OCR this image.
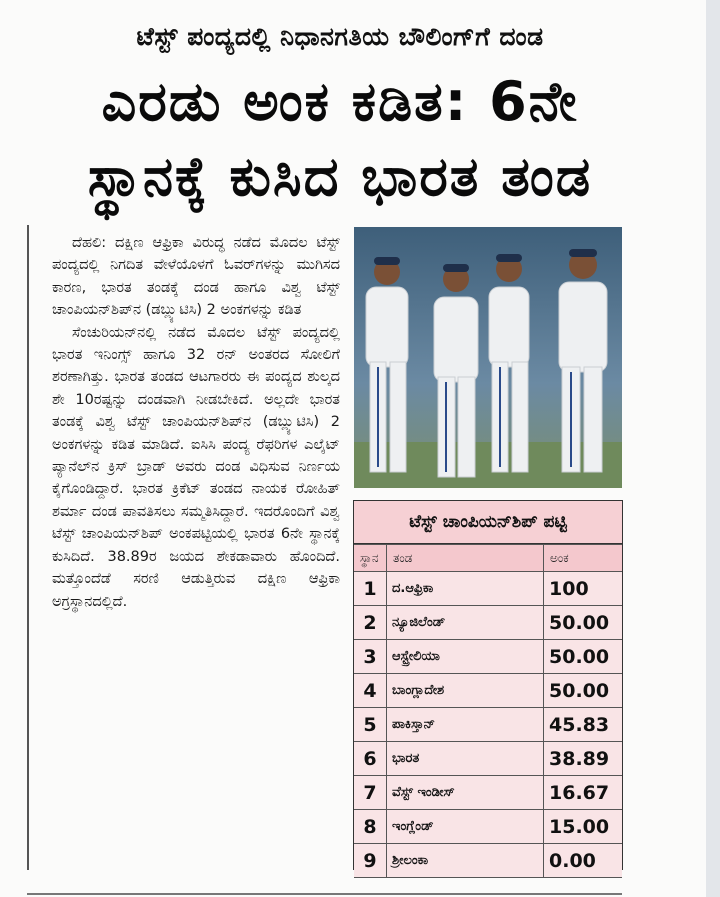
ಟೆಸ್ಟ್ ಪಂದ್ಯದಲ್ಲಿ ನಿಧಾನಗತಿಯ ಬೌಲಿಂಗ್‌ಗೆ ದಂಡ
ಎರಡು ಅಂಕ ಕಡಿತ: 6ನೇ
ಸ್ಥಾನಕ್ಕೆ ಕುಸಿದ ಭಾರತ ತಂಡ

ದೆಹಲಿ: ದಕ್ಷಿಣ ಆಫ್ರಿಕಾ ವಿರುದ್ಧ ನಡೆದ ಮೊದಲ ಟೆಸ್ಟ್ ಪಂದ್ಯದಲ್ಲಿ ನಿಗದಿತ ವೇಳೆಯೊಳಗೆ ಓವರ್‌ಗಳನ್ನು ಮುಗಿಸದ ಕಾರಣ, ಭಾರತ ತಂಡಕ್ಕೆ ದಂಡ ಹಾಗೂ ವಿಶ್ವ ಟೆಸ್ಟ್ ಚಾಂಪಿಯನ್‌ಶಿಪ್‌ನ (ಡಬ್ಲ್ಯುಟಿಸಿ) 2 ಅಂಕಗಳನ್ನು ಕಡಿತ

ಸೆಂಚುರಿಯನ್‌ನಲ್ಲಿ ನಡೆದ ಮೊದಲ ಟೆಸ್ಟ್ ಪಂದ್ಯದಲ್ಲಿ ಭಾರತ ಇನಿಂಗ್ಸ್ ಹಾಗೂ 32 ರನ್ ಅಂತರದ ಸೋಲಿಗೆ ಶರಣಾಗಿತ್ತು. ಭಾರತ ತಂಡದ ಆಟಗಾರರು ಈ ಪಂದ್ಯದ ಶುಲ್ಕದ ಶೇ 10ರಷ್ಟನ್ನು ದಂಡವಾಗಿ ನೀಡಬೇಕಿದೆ. ಅಲ್ಲದೇ ಭಾರತ ತಂಡಕ್ಕೆ ವಿಶ್ವ ಟೆಸ್ಟ್ ಚಾಂಪಿಯನ್‌ಶಿಪ್‌ನ (ಡಬ್ಲ್ಯುಟಿಸಿ) 2 ಅಂಕಗಳನ್ನು ಕಡಿತ ಮಾಡಿದೆ. ಐಸಿಸಿ ಪಂದ್ಯ ರೆಫರಿಗಳ ಎಲೈಟ್ ಪ್ಯಾನೆಲ್‌ನ ಕ್ರಿಸ್ ಬ್ರಾಡ್ ಅವರು ದಂಡ ವಿಧಿಸುವ ನಿರ್ಣಯ ಕೈಗೊಂಡಿದ್ದಾರೆ. ಭಾರತ ಕ್ರಿಕೆಟ್ ತಂಡದ ನಾಯಕ ರೋಹಿತ್ ಶರ್ಮಾ ದಂಡ ಪಾವತಿಸಲು ಸಮ್ಮತಿಸಿದ್ದಾರೆ. ಇದರೊಂದಿಗೆ ವಿಶ್ವ ಟೆಸ್ಟ್ ಚಾಂಪಿಯನ್‌ಶಿಪ್ ಅಂಕಪಟ್ಟಿಯಲ್ಲಿ ಭಾರತ 6ನೇ ಸ್ಥಾನಕ್ಕೆ ಕುಸಿದಿದೆ. 38.89ರ ಜಯದ ಶೇಕಡಾವಾರು ಹೊಂದಿದೆ. ಮತ್ತೊಂದೆಡೆ ಸರಣಿ ಆಡುತ್ತಿರುವ ದಕ್ಷಿಣ ಆಫ್ರಿಕಾ ಅಗ್ರಸ್ಥಾನದಲ್ಲಿದೆ.

ಟೆಸ್ಟ್ ಚಾಂಪಿಯನ್‌ಶಿಪ್ ಪಟ್ಟಿ
ಸ್ಥಾನ	ತಂಡ	ಅಂಕ
1	ದ.ಆಫ್ರಿಕಾ	100
2	ನ್ಯೂಜಿಲೆಂಡ್	50.00
3	ಆಸ್ಟ್ರೇಲಿಯಾ	50.00
4	ಬಾಂಗ್ಲಾದೇಶ	50.00
5	ಪಾಕಿಸ್ತಾನ್	45.83
6	ಭಾರತ	38.89
7	ವೆಸ್ಟ್ ಇಂಡೀಸ್	16.67
8	ಇಂಗ್ಲೆಂಡ್	15.00
9	ಶ್ರೀಲಂಕಾ	0.00
